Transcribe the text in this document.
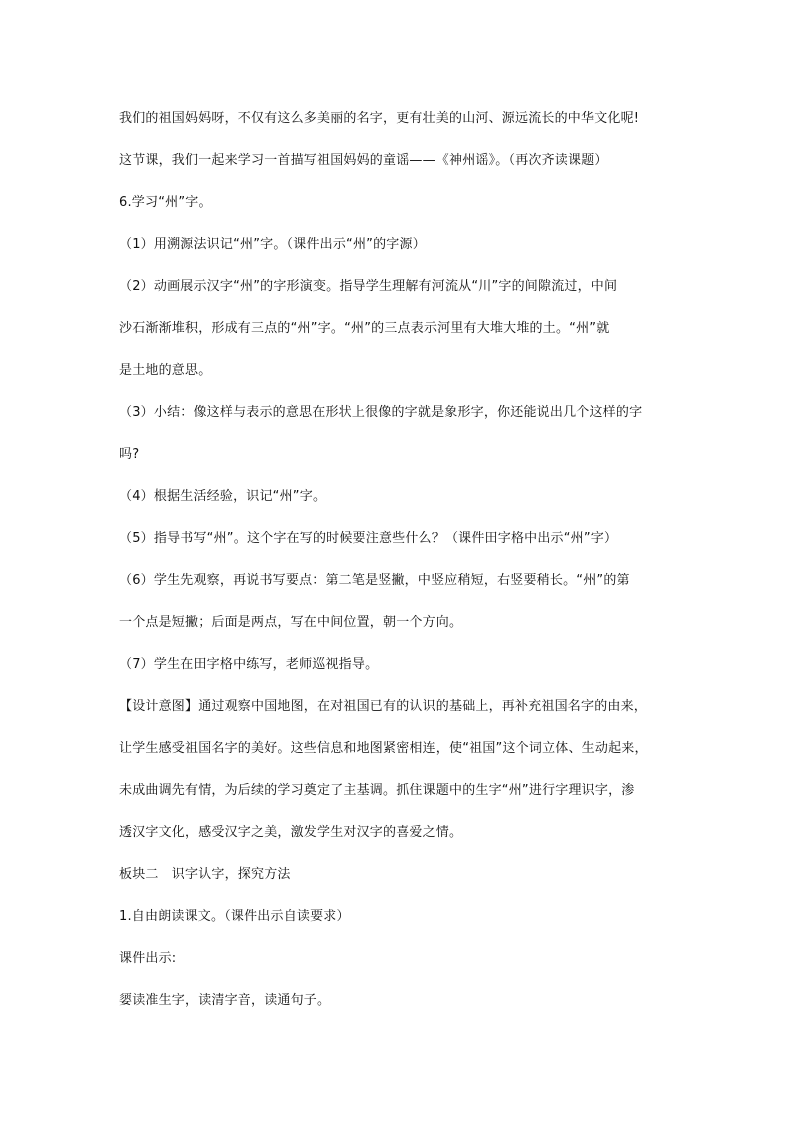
我们的祖国妈妈呀，不仅有这么多美丽的名字，更有壮美的山河、源远流长的中华文化呢!
这节课，我们一起来学习一首描写祖国妈妈的童谣——《神州谣》。（再次齐读课题）
6.学习“州”字。
（1）用溯源法识记“州”字。（课件出示“州”的字源）
（2）动画展示汉字“州”的字形演变。指导学生理解有河流从“川”字的间隙流过，中间
沙石渐渐堆积，形成有三点的“州”字。“州”的三点表示河里有大堆大堆的土。“州”就
是土地的意思。
（3）小结：像这样与表示的意思在形状上很像的字就是象形字，你还能说出几个这样的字
吗?
（4）根据生活经验，识记“州”字。
（5）指导书写“州”。这个字在写的时候要注意些什么？（课件田字格中出示“州”字）
（6）学生先观察，再说书写要点：第二笔是竖撇，中竖应稍短，右竖要稍长。“州”的第
一个点是短撇；后面是两点，写在中间位置，朝一个方向。
（7）学生在田字格中练写，老师巡视指导。
【设计意图】通过观察中国地图，在对祖国已有的认识的基础上，再补充祖国名字的由来，
让学生感受祖国名字的美好。这些信息和地图紧密相连，使“祖国”这个词立体、生动起来，
未成曲调先有情，为后续的学习奠定了主基调。抓住课题中的生字“州”进行字理识字，渗
透汉字文化，感受汉字之美，激发学生对汉字的喜爱之情。
板块二　识字认字，探究方法
1.自由朗读课文。（课件出示自读要求）
课件出示:
媭读准生字，读清字音，读通句子。
